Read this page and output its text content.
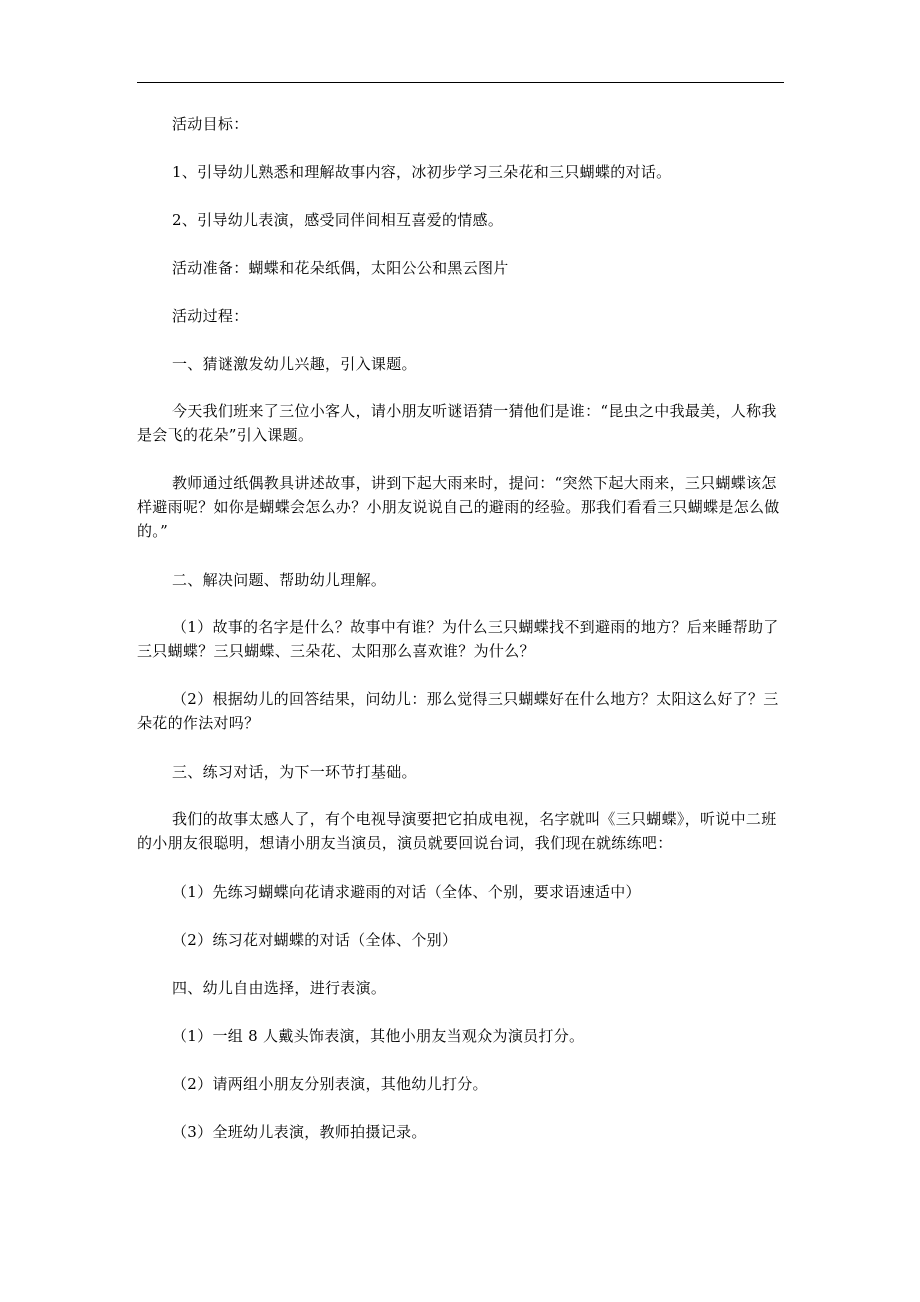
活动目标：
1、引导幼儿熟悉和理解故事内容，冰初步学习三朵花和三只蝴蝶的对话。
2、引导幼儿表演，感受同伴间相互喜爱的情感。
活动准备：蝴蝶和花朵纸偶，太阳公公和黑云图片
活动过程：
一、猜谜激发幼儿兴趣，引入课题。
今天我们班来了三位小客人，请小朋友听谜语猜一猜他们是谁：“昆虫之中我最美，人称我是会飞的花朵”引入课题。
教师通过纸偶教具讲述故事，讲到下起大雨来时，提问：“突然下起大雨来，三只蝴蝶该怎样避雨呢？如你是蝴蝶会怎么办？小朋友说说自己的避雨的经验。那我们看看三只蝴蝶是怎么做的。”
二、解决问题、帮助幼儿理解。
（1）故事的名字是什么？故事中有谁？为什么三只蝴蝶找不到避雨的地方？后来睡帮助了三只蝴蝶？三只蝴蝶、三朵花、太阳那么喜欢谁？为什么？
（2）根据幼儿的回答结果，问幼儿：那么觉得三只蝴蝶好在什么地方？太阳这么好了？三朵花的作法对吗？
三、练习对话，为下一环节打基础。
我们的故事太感人了，有个电视导演要把它拍成电视，名字就叫《三只蝴蝶》，听说中二班的小朋友很聪明，想请小朋友当演员，演员就要回说台词，我们现在就练练吧：
（1）先练习蝴蝶向花请求避雨的对话（全体、个别，要求语速适中）
（2）练习花对蝴蝶的对话（全体、个别）
四、幼儿自由选择，进行表演。
（1）一组 8 人戴头饰表演，其他小朋友当观众为演员打分。
（2）请两组小朋友分别表演，其他幼儿打分。
（3）全班幼儿表演，教师拍摄记录。
